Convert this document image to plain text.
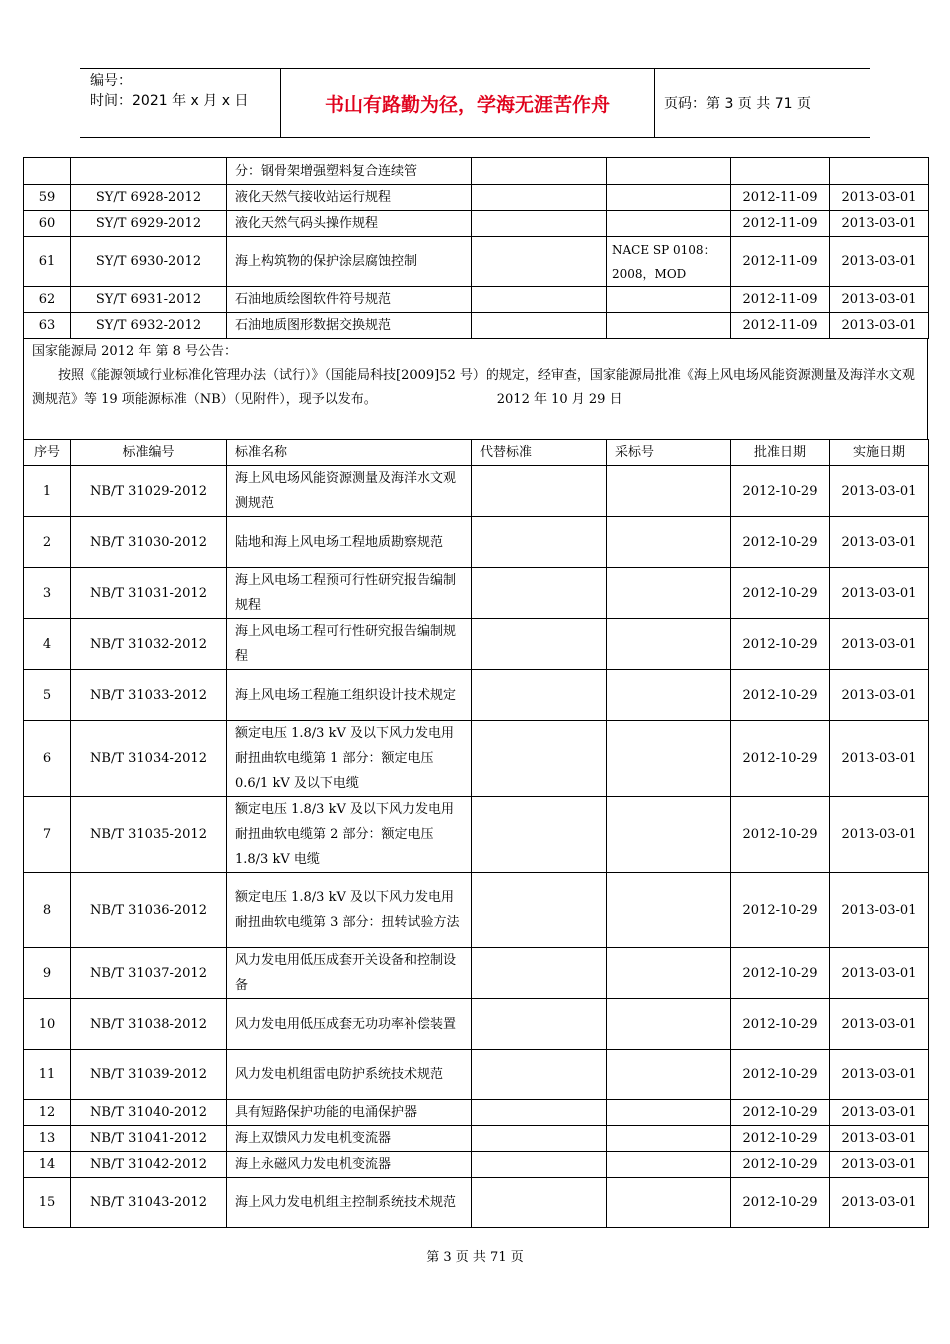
编号：
时间：2021 年 x 月 x 日	书山有路勤为径，学海无涯苦作舟	页码：第 3 页 共 71 页
		分：钢骨架增强塑料复合连续管				
59	SY/T 6928-2012	液化天然气接收站运行规程			2012-11-09	2013-03-01
60	SY/T 6929-2012	液化天然气码头操作规程			2012-11-09	2013-03-01
61	SY/T 6930-2012	海上构筑物的保护涂层腐蚀控制		NACE SP 0108：2008，MOD	2012-11-09	2013-03-01
62	SY/T 6931-2012	石油地质绘图软件符号规范			2012-11-09	2013-03-01
63	SY/T 6932-2012	石油地质图形数据交换规范			2012-11-09	2013-03-01

国家能源局 2012 年 第 8 号公告：

按照《能源领域行业标准化管理办法（试行）》（国能局科技[2009]52 号）的规定，经审查，国家能源局批准《海上风电场风能资源测量及海洋水文观测规范》等 19 项能源标准（NB）（见附件），现予以发布。	2012 年 10 月 29 日

序号	标准编号	标准名称	代替标准	采标号	批准日期	实施日期
1	NB/T 31029-2012	海上风电场风能资源测量及海洋水文观测规范			2012-10-29	2013-03-01
2	NB/T 31030-2012	陆地和海上风电场工程地质勘察规范			2012-10-29	2013-03-01
3	NB/T 31031-2012	海上风电场工程预可行性研究报告编制规程			2012-10-29	2013-03-01
4	NB/T 31032-2012	海上风电场工程可行性研究报告编制规程			2012-10-29	2013-03-01
5	NB/T 31033-2012	海上风电场工程施工组织设计技术规定			2012-10-29	2013-03-01
6	NB/T 31034-2012	额定电压 1.8/3 kV 及以下风力发电用耐扭曲软电缆第 1 部分：额定电压 0.6/1 kV 及以下电缆			2012-10-29	2013-03-01
7	NB/T 31035-2012	额定电压 1.8/3 kV 及以下风力发电用耐扭曲软电缆第 2 部分：额定电压 1.8/3 kV 电缆			2012-10-29	2013-03-01
8	NB/T 31036-2012	额定电压 1.8/3 kV 及以下风力发电用耐扭曲软电缆第 3 部分：扭转试验方法			2012-10-29	2013-03-01
9	NB/T 31037-2012	风力发电用低压成套开关设备和控制设备			2012-10-29	2013-03-01
10	NB/T 31038-2012	风力发电用低压成套无功功率补偿装置			2012-10-29	2013-03-01
11	NB/T 31039-2012	风力发电机组雷电防护系统技术规范			2012-10-29	2013-03-01
12	NB/T 31040-2012	具有短路保护功能的电涌保护器			2012-10-29	2013-03-01
13	NB/T 31041-2012	海上双馈风力发电机变流器			2012-10-29	2013-03-01
14	NB/T 31042-2012	海上永磁风力发电机变流器			2012-10-29	2013-03-01
15	NB/T 31043-2012	海上风力发电机组主控制系统技术规范			2012-10-29	2013-03-01
第 3 页 共 71 页
